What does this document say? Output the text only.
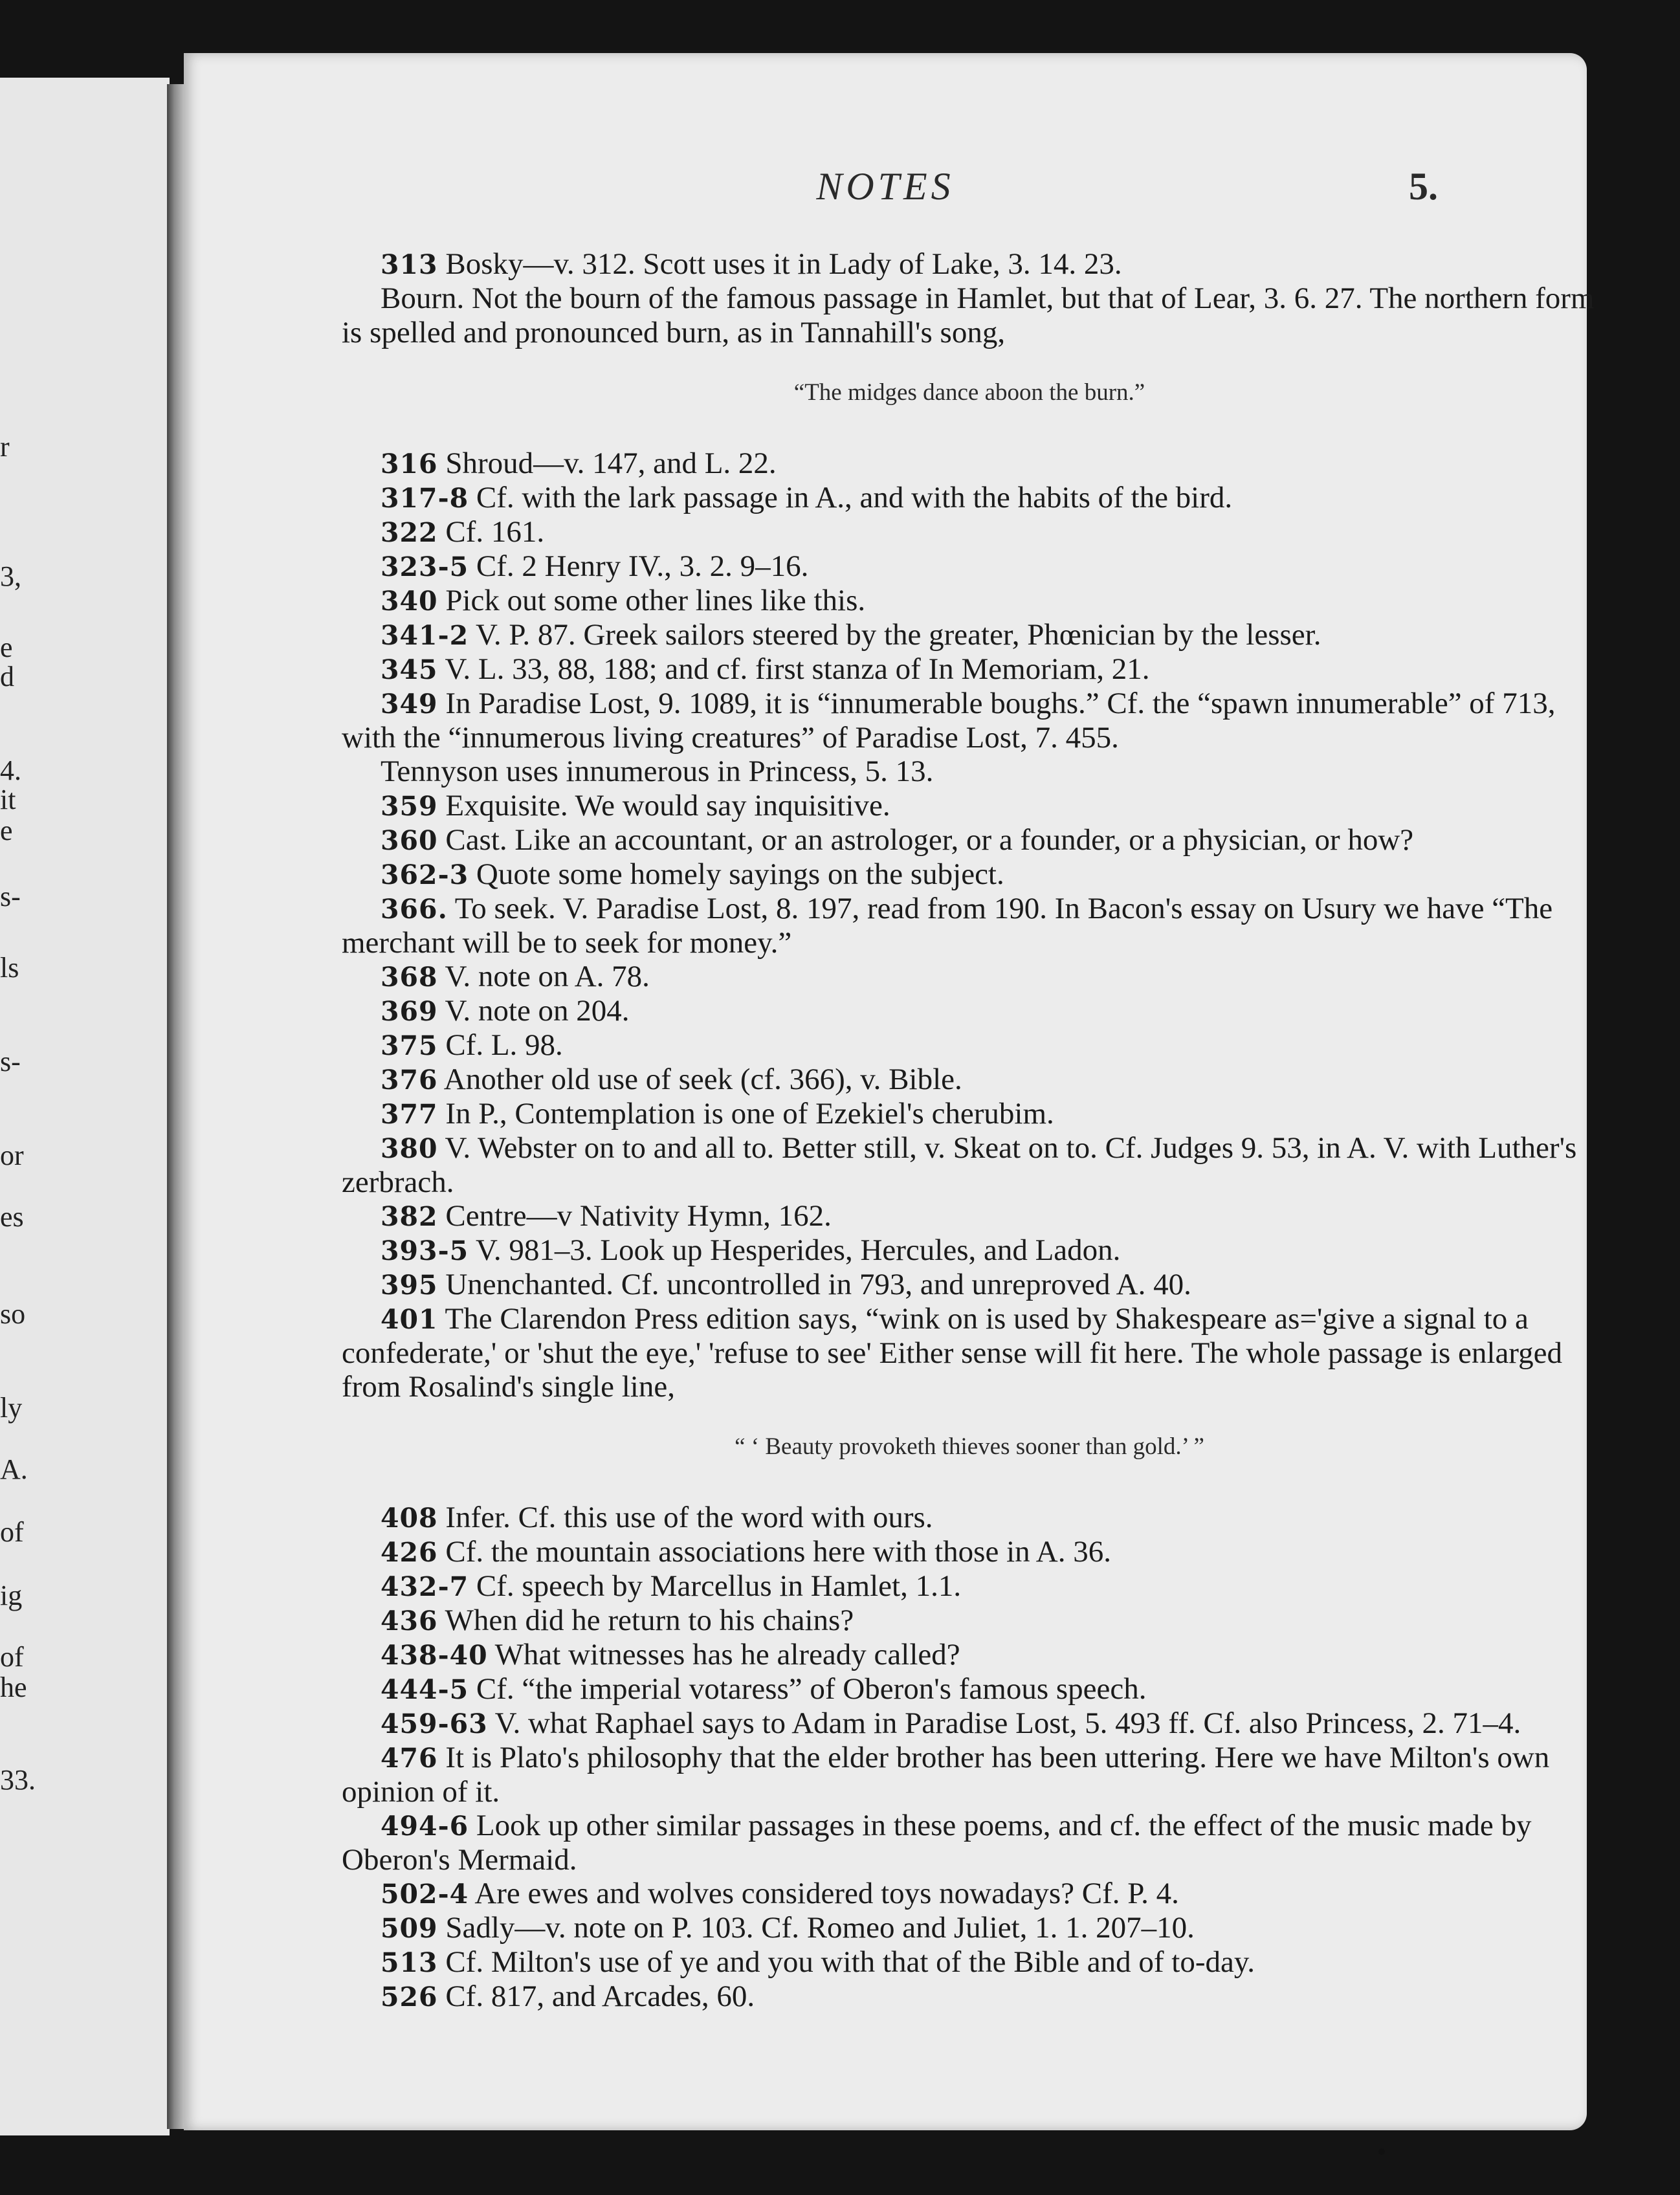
r
3,
e
d
4.
it
e
s-
ls
s-
or
es
so
ly
A.
of
ig
of
he
33.
NOTES	5.

313 Bosky—v. 312. Scott uses it in Lady of Lake, 3. 14. 23.

Bourn. Not the bourn of the famous passage in Hamlet, but that of Lear, 3. 6. 27. The northern form is spelled and pronounced burn, as in Tannahill's song,

“The midges dance aboon the burn.”

316 Shroud—v. 147, and L. 22.

317-8 Cf. with the lark passage in A., and with the habits of the bird.

322 Cf. 161.

323-5 Cf. 2 Henry IV., 3. 2. 9–16.

340 Pick out some other lines like this.

341-2 V. P. 87. Greek sailors steered by the greater, Phœnician by the lesser.

345 V. L. 33, 88, 188; and cf. first stanza of In Memoriam, 21.

349 In Paradise Lost, 9. 1089, it is “innumerable boughs.” Cf. the “spawn innumerable” of 713, with the “innumerous living creatures” of Paradise Lost, 7. 455.

Tennyson uses innumerous in Princess, 5. 13.

359 Exquisite. We would say inquisitive.

360 Cast. Like an accountant, or an astrologer, or a founder, or a physician, or how?

362-3 Quote some homely sayings on the subject.

366. To seek. V. Paradise Lost, 8. 197, read from 190. In Bacon's essay on Usury we have “The merchant will be to seek for money.”

368 V. note on A. 78.

369 V. note on 204.

375 Cf. L. 98.

376 Another old use of seek (cf. 366), v. Bible.

377 In P., Contemplation is one of Ezekiel's cherubim.

380 V. Webster on to and all to. Better still, v. Skeat on to. Cf. Judges 9. 53, in A. V. with Luther's zerbrach.

382 Centre—v Nativity Hymn, 162.

393-5 V. 981–3. Look up Hesperides, Hercules, and Ladon.

395 Unenchanted. Cf. uncontrolled in 793, and unreproved A. 40.

401 The Clarendon Press edition says, “wink on is used by Shakespeare as='give a signal to a confederate,' or 'shut the eye,' 'refuse to see' Either sense will fit here. The whole passage is enlarged from Rosalind's single line,

“ ‘ Beauty provoketh thieves sooner than gold.’ ”

408 Infer. Cf. this use of the word with ours.

426 Cf. the mountain associations here with those in A. 36.

432-7 Cf. speech by Marcellus in Hamlet, 1.1.

436 When did he return to his chains?

438-40 What witnesses has he already called?

444-5 Cf. “the imperial votaress” of Oberon's famous speech.

459-63 V. what Raphael says to Adam in Paradise Lost, 5. 493 ff. Cf. also Princess, 2. 71–4.

476 It is Plato's philosophy that the elder brother has been uttering. Here we have Milton's own opinion of it.

494-6 Look up other similar passages in these poems, and cf. the effect of the music made by Oberon's Mermaid.

502-4 Are ewes and wolves considered toys nowadays? Cf. P. 4.

509 Sadly—v. note on P. 103. Cf. Romeo and Juliet, 1. 1. 207–10.

513 Cf. Milton's use of ye and you with that of the Bible and of to-day.

526 Cf. 817, and Arcades, 60.
